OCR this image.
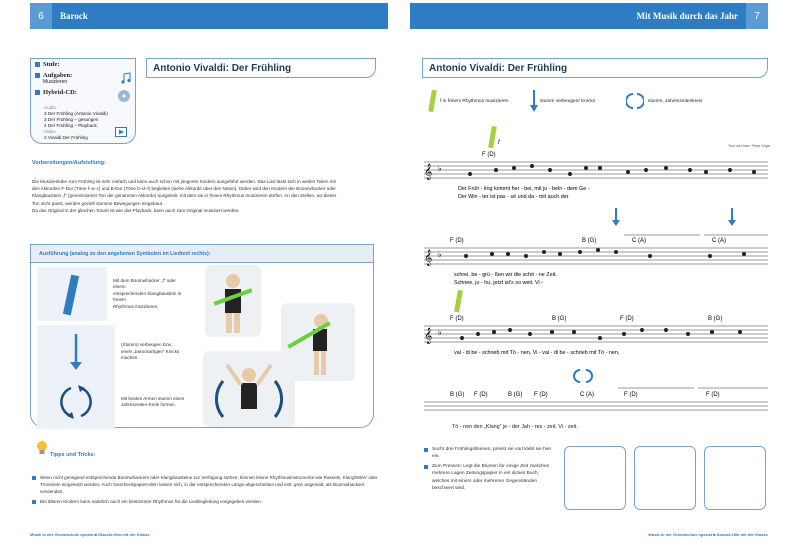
6	Barock	Mit Musik durch das Jahr	7
Stufe:
Aufgaben:
Musizieren
Hybrid-CD:
Audio
3 Der Frühling (Antonio Vivaldi)
3 Der Frühling – gesungen
4 Der Frühling – Playback
Video
2 Vivaldi Der Frühling
Antonio Vivaldi: Der Frühling
Vorbereitungen/Aufstellung:
Die Musizierildee zum Frühling ist sehr einfach und kann auch schon mit jüngeren Kindern ausgeführt werden. Das Lied lässt sich in weiten Teilen mit
den Akkorden F-Dur (Töne f–a–c) und B-Dur (Töne b–d–f) begleiten (siehe Akkorde über den Noten). Daher wird den Kindern der Boomwhacker oder
Klangbaustein „f“ (gemeinsamer Ton der genannten Akkorde) ausgeteilt, mit dem sie in freiem Rhythmus musizieren dürfen. An den Stellen, wo dieser
Ton nicht passt, werden gezielt stumme Bewegungen eingebaut.
Da das Original in der gleichen Tonart ist wie das Playback, kann auch zum Original musiziert werden.
Ausführung (analog zu den angebenen Symbolen im Liedtext rechts):
f
Mit dem Boomwhacker „f“ oder einem
entsprechenden Klangbaustein in freiem
Rhythmus musizieren.
(Stumm) verbeugen bzw.
einen „barockartigen“ Knicks
machen.
Mit beiden Armen stumm einen
Jahreszeiten-Kreis formen.
Tipps und Tricks:
Wenn nicht genügend entsprechende Boomwhackers oder Klangbausteine zur Verfügung stehen, können kleine Rhythmusinstrumente wie Rasseln, Klanghölzer oder Trommeln eingesetzt werden. Auch Geschenkpapierrollen lassen sich, in der entsprechenden Länge abgeschnitten und evtl. grün angemalt, als Boomwhackers verwenden.
Bei älteren Kindern kann natürlich auch ein bestimmter Rhythmus für die Liedbegleitung vorgegeben werden.
Musik in der Grundschule spezial ■ Klassik-Hits mit der Klasse
Antonio Vivaldi: Der Frühling
f in freiem Rhythmus musizieren	stumm verbeugen/ Knicks	stumm, Jahreszeitenkreis
Text und Idee: Petra Vögel
f
F (D)
𝄞 ♭
Der Früh - ling kommt her - bei, mit ju - beln - dem Ge -
Der Win - ter ist pas - sé und da - mit auch der
F (D)	B (G)	C (A)	C (A)
𝄞 ♭
schrei, be - grü - ßen wir die schö - ne Zeit.
Schnee, ju - hu, jetzt ist's so weit. Vi -
F (D)	B (G)	F (D)	B (G)
𝄞 ♭
val - di be - schrieb mit Tö - nen, Vi - val - di be - schrieb mit Tö - nen,
B (G) F (D)	B (G) F (D)	C (A)	F (D)	F (D)
Tö - nen den „Klang“ je - der Jah - res - zeit. Vi - zeit.
Sucht drei Frühlingsblumen, presst sie und klebt sie hier ein.
Zum Pressen: Legt die Blumen für einige Zeit zwischen mehrere Lagen Zeitungspapier in ein dickes Buch, welches mit einem oder mehreren Gegenständen beschwert wird.
Musik in der Grundschule spezial ■ Klassik-Hits mit der Klasse
